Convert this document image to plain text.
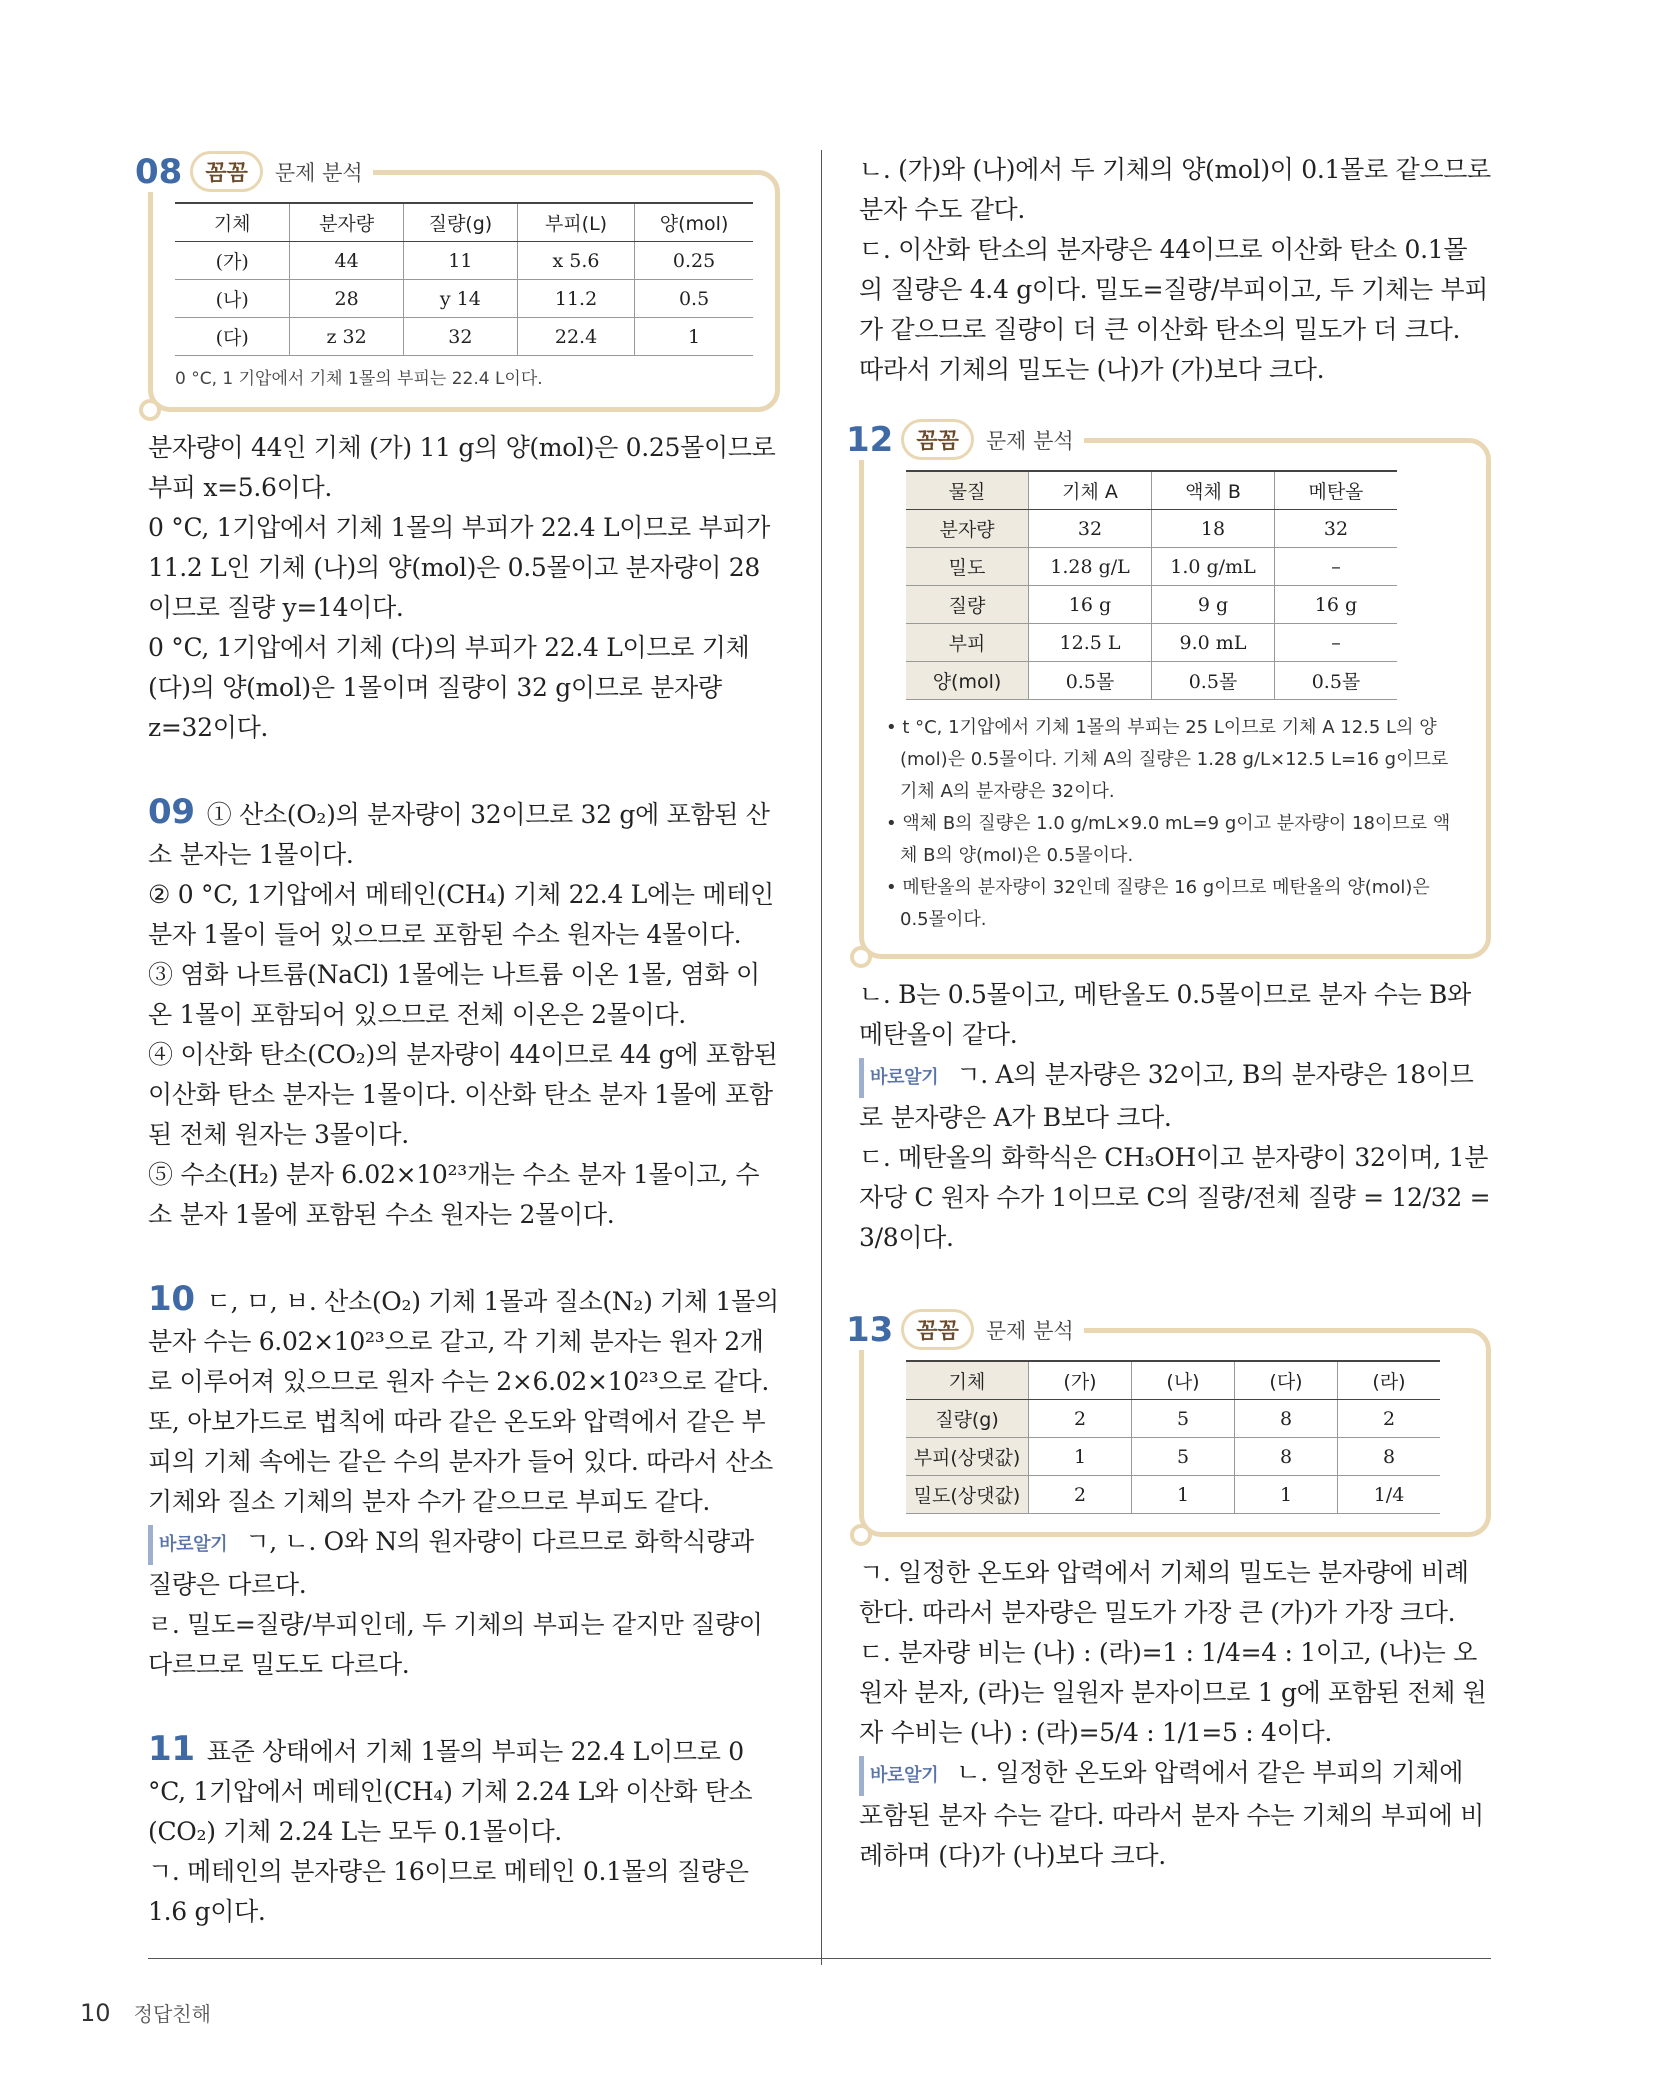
08	꼼꼼	문제 분석
기체	분자량	질량(g)	부피(L)	양(mol)
(가)	44	11	x 5.6	0.25
(나)	28	y 14	11.2	0.5
(다)	z 32	32	22.4	1
0 °C, 1 기압에서 기체 1몰의 부피는 22.4 L이다.

분자량이 44인 기체 (가) 11 g의 양(mol)은 0.25몰이므로 부피 x=5.6이다.

0 °C, 1기압에서 기체 1몰의 부피가 22.4 L이므로 부피가 11.2 L인 기체 (나)의 양(mol)은 0.5몰이고 분자량이 28이므로 질량 y=14이다.

0 °C, 1기압에서 기체 (다)의 부피가 22.4 L이므로 기체 (다)의 양(mol)은 1몰이며 질량이 32 g이므로 분자량 z=32이다.

09 ① 산소(O₂)의 분자량이 32이므로 32 g에 포함된 산소 분자는 1몰이다.

② 0 °C, 1기압에서 메테인(CH₄) 기체 22.4 L에는 메테인 분자 1몰이 들어 있으므로 포함된 수소 원자는 4몰이다.

③ 염화 나트륨(NaCl) 1몰에는 나트륨 이온 1몰, 염화 이온 1몰이 포함되어 있으므로 전체 이온은 2몰이다.

④ 이산화 탄소(CO₂)의 분자량이 44이므로 44 g에 포함된 이산화 탄소 분자는 1몰이다. 이산화 탄소 분자 1몰에 포함된 전체 원자는 3몰이다.

⑤ 수소(H₂) 분자 6.02×10²³개는 수소 분자 1몰이고, 수소 분자 1몰에 포함된 수소 원자는 2몰이다.

10 ㄷ, ㅁ, ㅂ. 산소(O₂) 기체 1몰과 질소(N₂) 기체 1몰의 분자 수는 6.02×10²³으로 같고, 각 기체 분자는 원자 2개로 이루어져 있으므로 원자 수는 2×6.02×10²³으로 같다. 또, 아보가드로 법칙에 따라 같은 온도와 압력에서 같은 부피의 기체 속에는 같은 수의 분자가 들어 있다. 따라서 산소 기체와 질소 기체의 분자 수가 같으므로 부피도 같다.

바로알기 ㄱ, ㄴ. O와 N의 원자량이 다르므로 화학식량과 질량은 다르다.

ㄹ. 밀도=질량/부피인데, 두 기체의 부피는 같지만 질량이 다르므로 밀도도 다르다.

11 표준 상태에서 기체 1몰의 부피는 22.4 L이므로 0 °C, 1기압에서 메테인(CH₄) 기체 2.24 L와 이산화 탄소(CO₂) 기체 2.24 L는 모두 0.1몰이다.

ㄱ. 메테인의 분자량은 16이므로 메테인 0.1몰의 질량은 1.6 g이다.

ㄴ. (가)와 (나)에서 두 기체의 양(mol)이 0.1몰로 같으므로 분자 수도 같다.

ㄷ. 이산화 탄소의 분자량은 44이므로 이산화 탄소 0.1몰의 질량은 4.4 g이다. 밀도=질량/부피이고, 두 기체는 부피가 같으므로 질량이 더 큰 이산화 탄소의 밀도가 더 크다. 따라서 기체의 밀도는 (나)가 (가)보다 크다.

12	꼼꼼	문제 분석
물질	기체 A	액체 B	메탄올
분자량	32	18	32
밀도	1.28 g/L	1.0 g/mL	–
질량	16 g	9 g	16 g
부피	12.5 L	9.0 mL	–
양(mol)	0.5몰	0.5몰	0.5몰
• t °C, 1기압에서 기체 1몰의 부피는 25 L이므로 기체 A 12.5 L의 양(mol)은 0.5몰이다. 기체 A의 질량은 1.28 g/L×12.5 L=16 g이므로 기체 A의 분자량은 32이다.
• 액체 B의 질량은 1.0 g/mL×9.0 mL=9 g이고 분자량이 18이므로 액체 B의 양(mol)은 0.5몰이다.
• 메탄올의 분자량이 32인데 질량은 16 g이므로 메탄올의 양(mol)은 0.5몰이다.

ㄴ. B는 0.5몰이고, 메탄올도 0.5몰이므로 분자 수는 B와 메탄올이 같다.

바로알기 ㄱ. A의 분자량은 32이고, B의 분자량은 18이므로 분자량은 A가 B보다 크다.

ㄷ. 메탄올의 화학식은 CH₃OH이고 분자량이 32이며, 1분자당 C 원자 수가 1이므로 C의 질량/전체 질량 = 12/32 = 3/8이다.

13	꼼꼼	문제 분석
기체	(가)	(나)	(다)	(라)
질량(g)	2	5	8	2
부피(상댓값)	1	5	8	8
밀도(상댓값)	2	1	1	1/4

ㄱ. 일정한 온도와 압력에서 기체의 밀도는 분자량에 비례한다. 따라서 분자량은 밀도가 가장 큰 (가)가 가장 크다.

ㄷ. 분자량 비는 (나) : (라)=1 : 1/4=4 : 1이고, (나)는 오원자 분자, (라)는 일원자 분자이므로 1 g에 포함된 전체 원자 수비는 (나) : (라)=5/4 : 1/1=5 : 4이다.

바로알기 ㄴ. 일정한 온도와 압력에서 같은 부피의 기체에 포함된 분자 수는 같다. 따라서 분자 수는 기체의 부피에 비례하며 (다)가 (나)보다 크다.

10 정답친해
